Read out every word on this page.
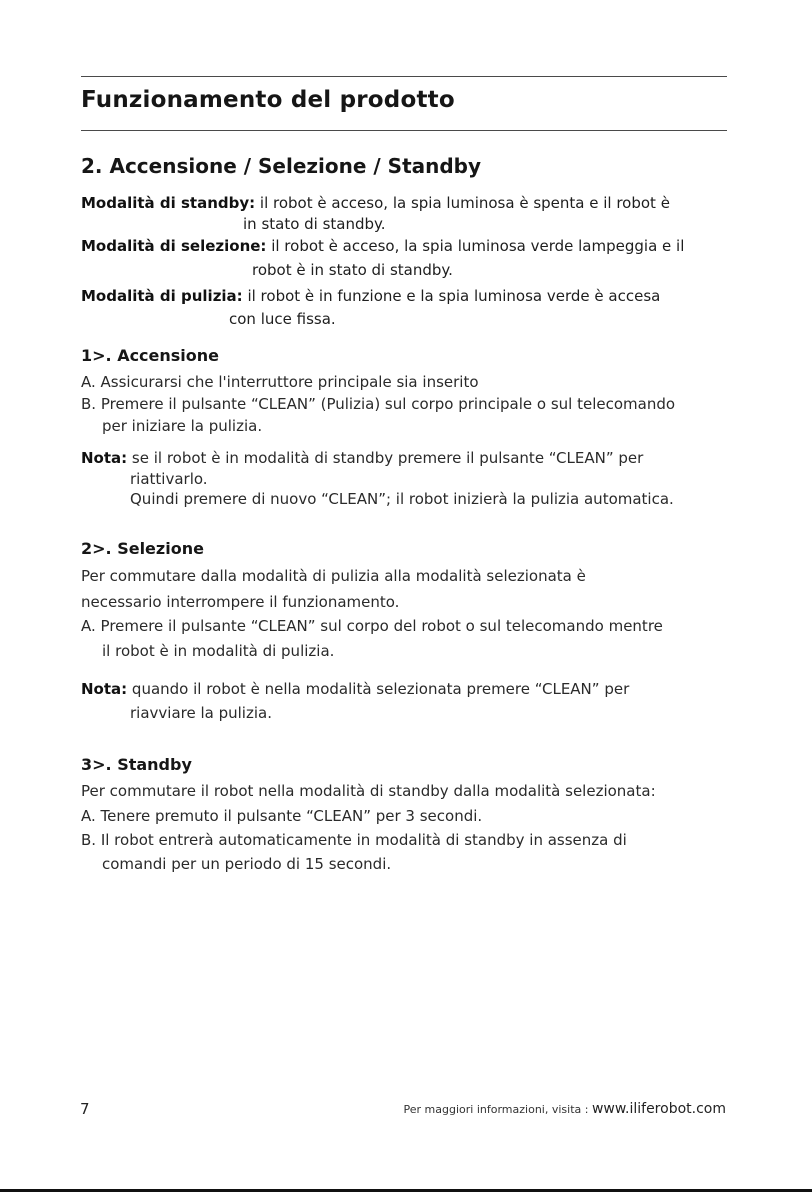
Funzionamento del prodotto
2. Accensione / Selezione / Standby
Modalità di standby: il robot è acceso, la spia luminosa è spenta e il robot è
in stato di standby.
Modalità di selezione: il robot è acceso, la spia luminosa verde lampeggia e il
robot è in stato di standby.
Modalità di pulizia: il robot è in funzione e la spia luminosa verde è accesa
con luce fissa.
1>. Accensione
A. Assicurarsi che l'interruttore principale sia inserito
B. Premere il pulsante “CLEAN” (Pulizia) sul corpo principale o sul telecomando
per iniziare la pulizia.
Nota: se il robot è in modalità di standby premere il pulsante “CLEAN” per
riattivarlo.
Quindi premere di nuovo “CLEAN”; il robot inizierà la pulizia automatica.
2>. Selezione
Per commutare dalla modalità di pulizia alla modalità selezionata è
necessario interrompere il funzionamento.
A. Premere il pulsante “CLEAN” sul corpo del robot o sul telecomando mentre
il robot è in modalità di pulizia.
Nota: quando il robot è nella modalità selezionata premere “CLEAN” per
riavviare la pulizia.
3>. Standby
Per commutare il robot nella modalità di standby dalla modalità selezionata:
A. Tenere premuto il pulsante “CLEAN” per 3 secondi.
B. Il robot entrerà automaticamente in modalità di standby in assenza di
comandi per un periodo di 15 secondi.
7	Per maggiori informazioni, visita : www.iliferobot.com
